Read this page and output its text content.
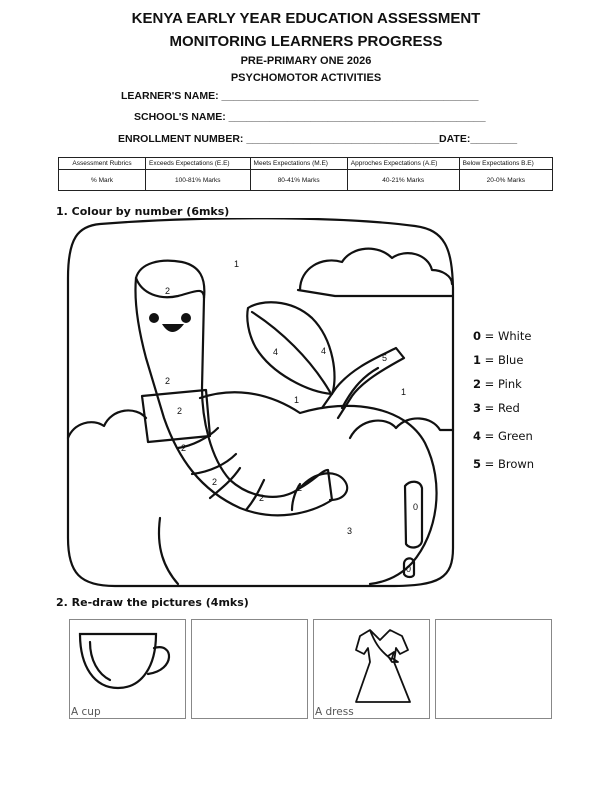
KENYA EARLY YEAR EDUCATION ASSESSMENT
MONITORING LEARNERS PROGRESS
PRE-PRIMARY ONE 2026
PSYCHOMOTOR ACTIVITIES
LEARNER'S NAME: ____________________________________________
SCHOOL'S NAME: ____________________________________________
ENROLLMENT NUMBER: _________________________________DATE:________
Assessment Rubrics	Exceeds Expectations (E.E)	Meets Expectations (M.E)	Approches Expectations (A.E)	Below Expectations B.E)
% Mark	100-81% Marks	80-41% Marks	40-21% Marks	20-0% Marks
1. Colour by number (6mks)
1
2
2
2
2
2
2
2
4	4
5
1
1
3
0
0
0 = White
1 = Blue
2 = Pink
3 = Red
4 = Green
5 = Brown
2. Re-draw the pictures (4mks)
A cup	A dress
